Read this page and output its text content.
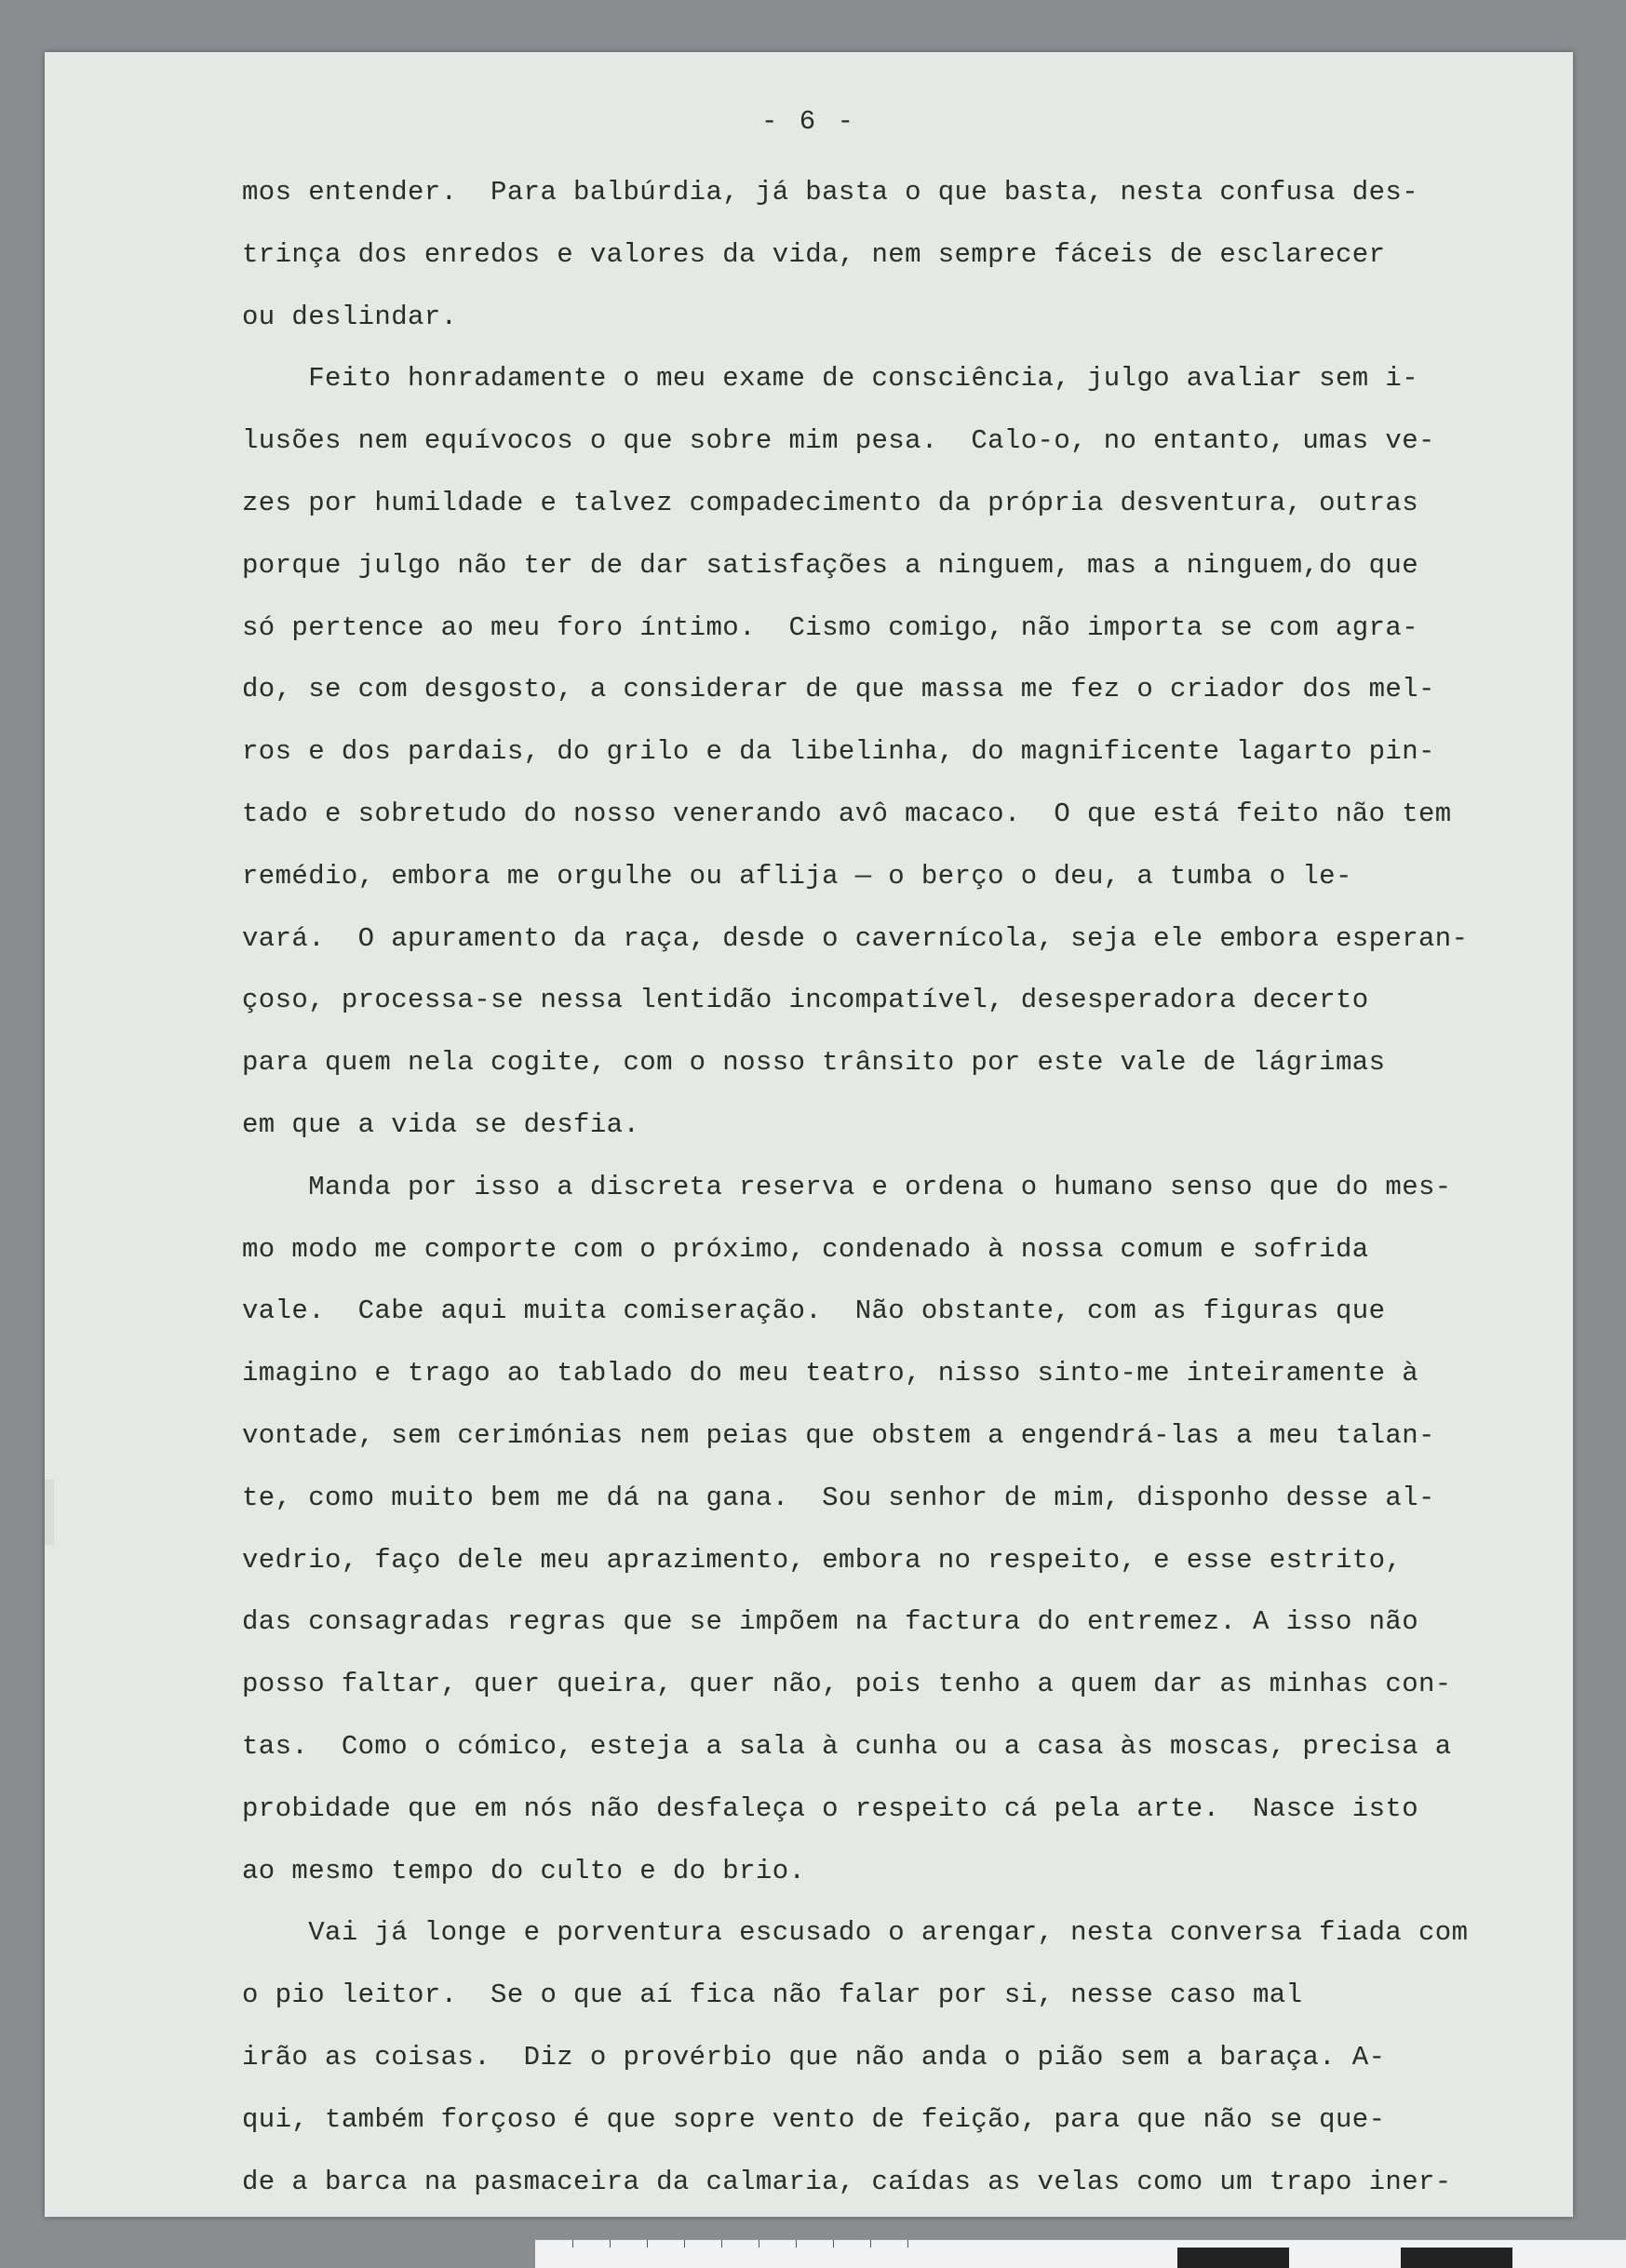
- 6 -
mos entender.  Para balbúrdia, já basta o que basta, nesta confusa des-
trinça dos enredos e valores da vida, nem sempre fáceis de esclarecer
ou deslindar.
Feito honradamente o meu exame de consciência, julgo avaliar sem i-
lusões nem equívocos o que sobre mim pesa.  Calo-o, no entanto, umas ve-
zes por humildade e talvez compadecimento da própria desventura, outras
porque julgo não ter de dar satisfações a ninguem, mas a ninguem,do que
só pertence ao meu foro íntimo.  Cismo comigo, não importa se com agra-
do, se com desgosto, a considerar de que massa me fez o criador dos mel-
ros e dos pardais, do grilo e da libelinha, do magnificente lagarto pin-
tado e sobretudo do nosso venerando avô macaco.  O que está feito não tem
remédio, embora me orgulhe ou aflija — o berço o deu, a tumba o le-
vará.  O apuramento da raça, desde o cavernícola, seja ele embora esperan-
çoso, processa-se nessa lentidão incompatível, desesperadora decerto
para quem nela cogite, com o nosso trânsito por este vale de lágrimas
em que a vida se desfia.
Manda por isso a discreta reserva e ordena o humano senso que do mes-
mo modo me comporte com o próximo, condenado à nossa comum e sofrida
vale.  Cabe aqui muita comiseração.  Não obstante, com as figuras que
imagino e trago ao tablado do meu teatro, nisso sinto-me inteiramente à
vontade, sem cerimónias nem peias que obstem a engendrá-las a meu talan-
te, como muito bem me dá na gana.  Sou senhor de mim, disponho desse al-
vedrio, faço dele meu aprazimento, embora no respeito, e esse estrito,
das consagradas regras que se impõem na factura do entremez. A isso não
posso faltar, quer queira, quer não, pois tenho a quem dar as minhas con-
tas.  Como o cómico, esteja a sala à cunha ou a casa às moscas, precisa a
probidade que em nós não desfaleça o respeito cá pela arte.  Nasce isto
ao mesmo tempo do culto e do brio.
Vai já longe e porventura escusado o arengar, nesta conversa fiada com
o pio leitor.  Se o que aí fica não falar por si, nesse caso mal
irão as coisas.  Diz o provérbio que não anda o pião sem a baraça. A-
qui, também forçoso é que sopre vento de feição, para que não se que-
de a barca na pasmaceira da calmaria, caídas as velas como um trapo iner-
